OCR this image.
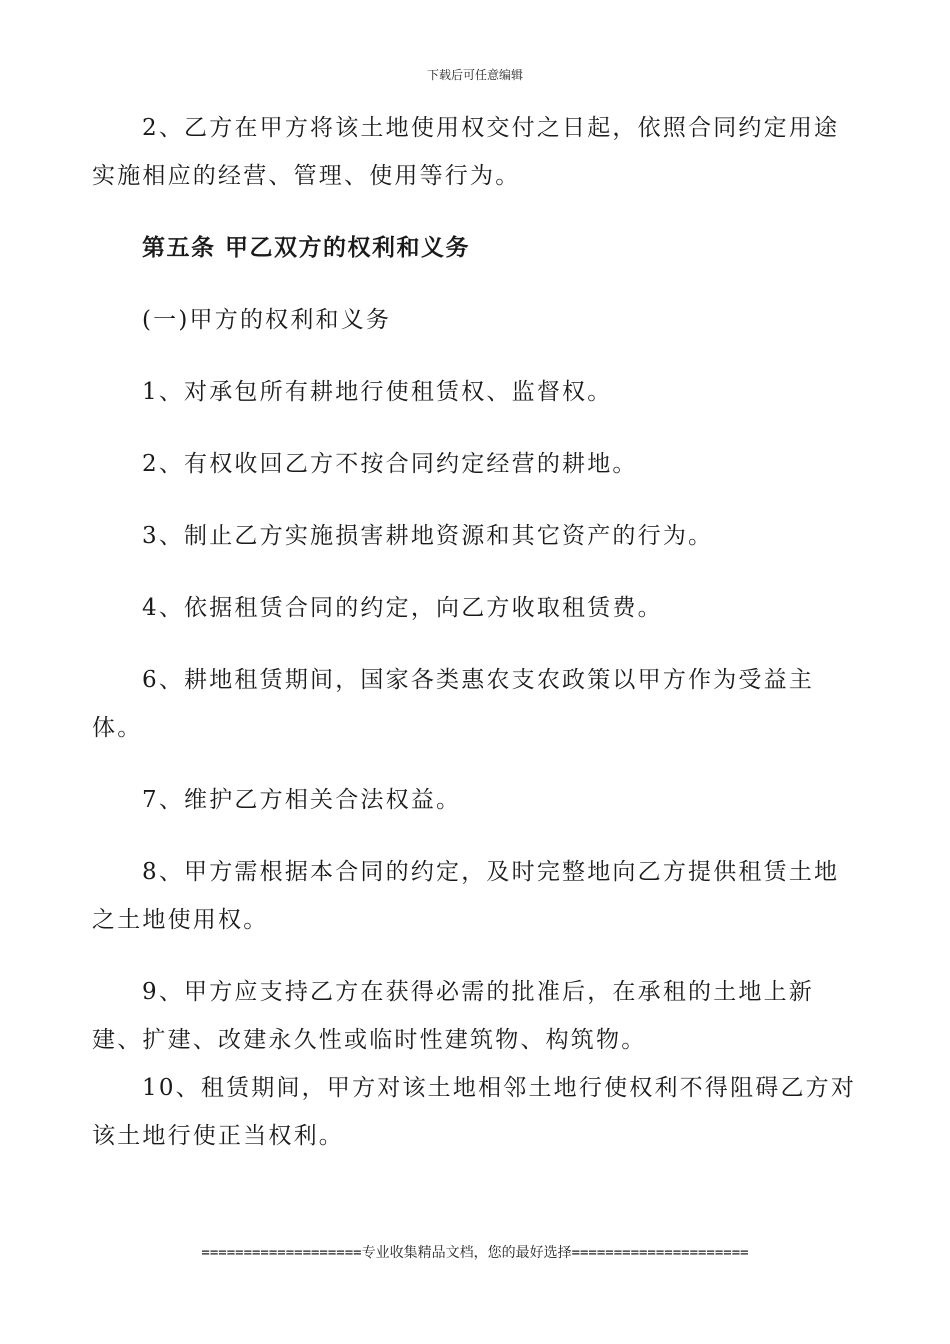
下载后可任意编辑

2、乙方在甲方将该土地使用权交付之日起，依照合同约定用途实施相应的经营、管理、使用等行为。

第五条 甲乙双方的权利和义务

(一)甲方的权利和义务

1、对承包所有耕地行使租赁权、监督权。

2、有权收回乙方不按合同约定经营的耕地。

3、制止乙方实施损害耕地资源和其它资产的行为。

4、依据租赁合同的约定，向乙方收取租赁费。

6、耕地租赁期间，国家各类惠农支农政策以甲方作为受益主体。

7、维护乙方相关合法权益。

8、甲方需根据本合同的约定，及时完整地向乙方提供租赁土地之土地使用权。

9、甲方应支持乙方在获得必需的批准后，在承租的土地上新建、扩建、改建永久性或临时性建筑物、构筑物。

10、租赁期间，甲方对该土地相邻土地行使权利不得阻碍乙方对该土地行使正当权利。

===================专业收集精品文档，您的最好选择=====================
